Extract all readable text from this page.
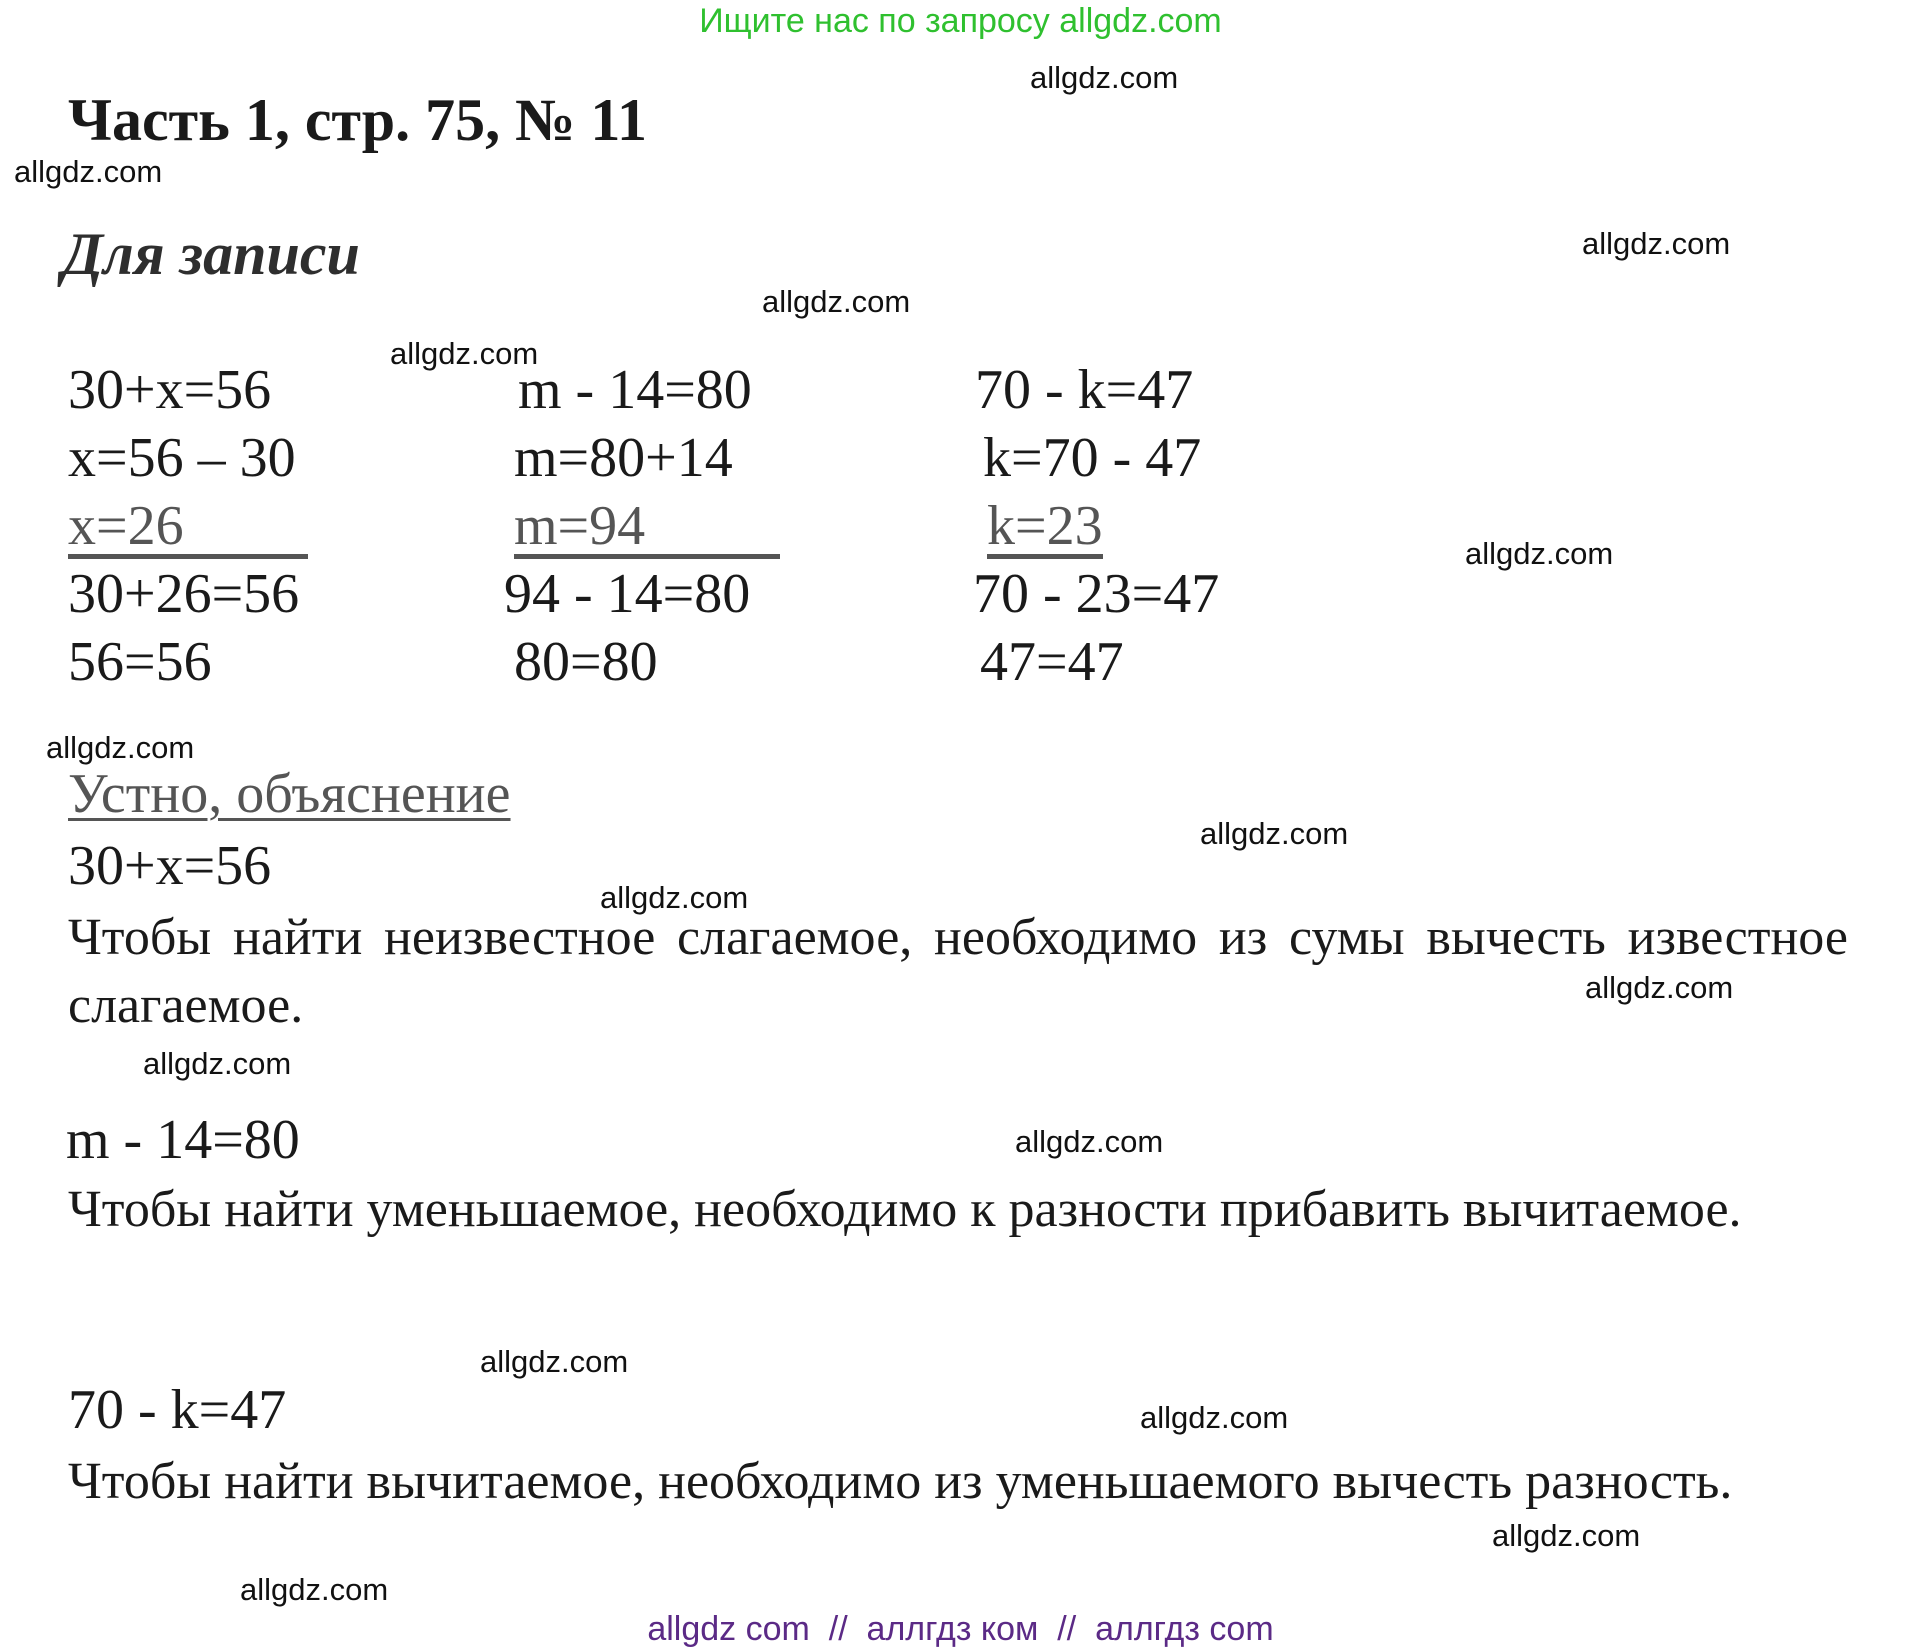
Ищите нас по запросу allgdz.com
allgdz.com
allgdz.com
allgdz.com
allgdz.com
allgdz.com
allgdz.com
allgdz.com
allgdz.com
allgdz.com
allgdz.com
allgdz.com
allgdz.com
allgdz.com
allgdz.com
allgdz.com
allgdz.com
Часть 1, стр. 75, № 11
Для записи
30+x=56
x=56 – 30
x=26
30+26=56
56=56
m - 14=80
m=80+14
m=94
94 - 14=80
80=80
70 - k=47
k=70 - 47
k=23
70 - 23=47
47=47
Устно, объяснение
30+x=56
Чтобы найти неизвестное слагаемое, необходимо из сумы вычесть известное слагаемое.
m - 14=80
Чтобы найти уменьшаемое, необходимо к разности прибавить вычитаемое.
70 - k=47
Чтобы найти вычитаемое, необходимо из уменьшаемого вычесть разность.
allgdz com  //  аллгдз ком  //  аллгдз com
